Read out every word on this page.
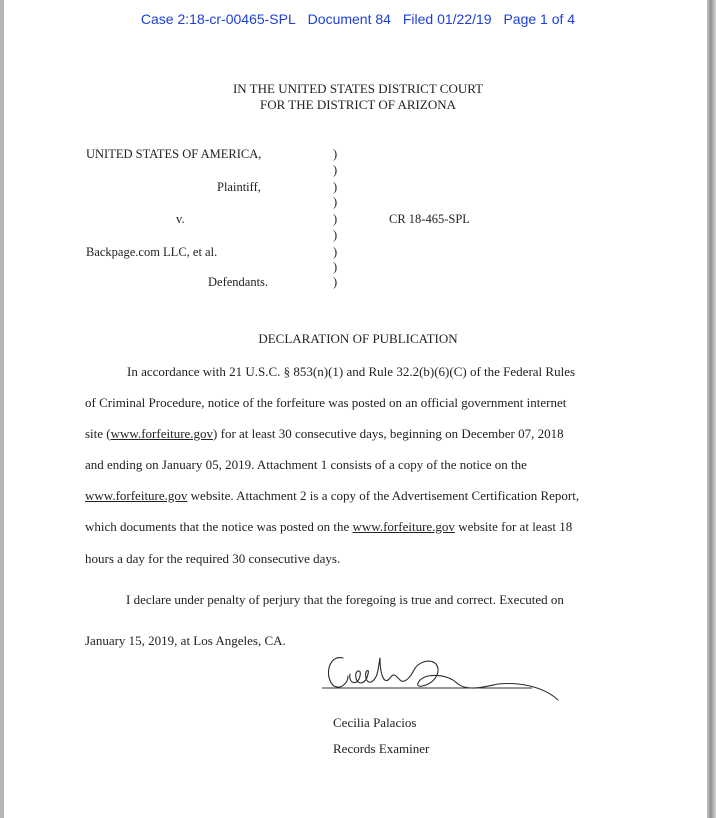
Case 2:18-cr-00465-SPL Document 84 Filed 01/22/19 Page 1 of 4
IN THE UNITED STATES DISTRICT COURT
FOR THE DISTRICT OF ARIZONA
UNITED STATES OF AMERICA,
Plaintiff,
v.
Backpage.com LLC, et al.
Defendants.
CR 18-465-SPL
)
)
)
)
)
)
)
)
)
DECLARATION OF PUBLICATION
In accordance with 21 U.S.C. § 853(n)(1) and Rule 32.2(b)(6)(C) of the Federal Rules
of Criminal Procedure, notice of the forfeiture was posted on an official government internet
site (www.forfeiture.gov) for at least 30 consecutive days, beginning on December 07, 2018
and ending on January 05, 2019. Attachment 1 consists of a copy of the notice on the
www.forfeiture.gov website. Attachment 2 is a copy of the Advertisement Certification Report,
which documents that the notice was posted on the www.forfeiture.gov website for at least 18
hours a day for the required 30 consecutive days.
I declare under penalty of perjury that the foregoing is true and correct. Executed on
January 15, 2019, at Los Angeles, CA.
Cecilia Palacios
Records Examiner
